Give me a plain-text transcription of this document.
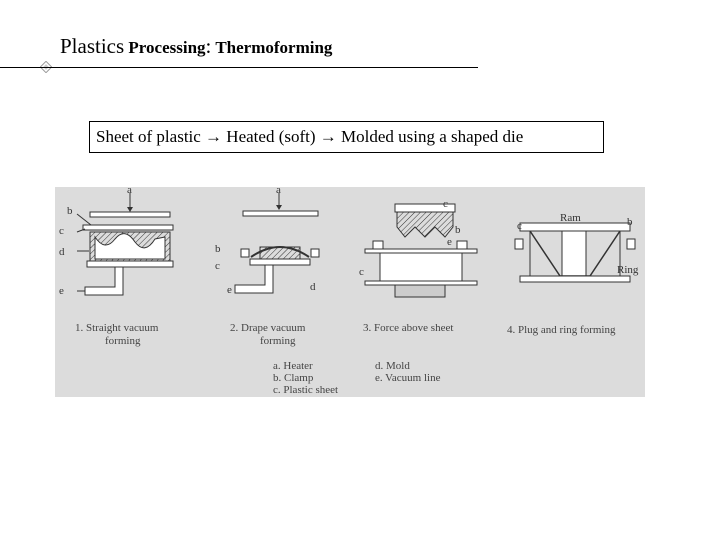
Plastics Processing: Thermoforming
Sheet of plastic → Heated (soft) → Molded using a shaped die
a
b
c
d
e
1. Straight vacuum
forming
a
b
c
d
e
2. Drape vacuum
forming
c
b
e
c
3. Force above sheet
Ram	b
c
Ring
4. Plug and ring forming
a. Heater
b. Clamp
c. Plastic sheet
d. Mold
e. Vacuum line
